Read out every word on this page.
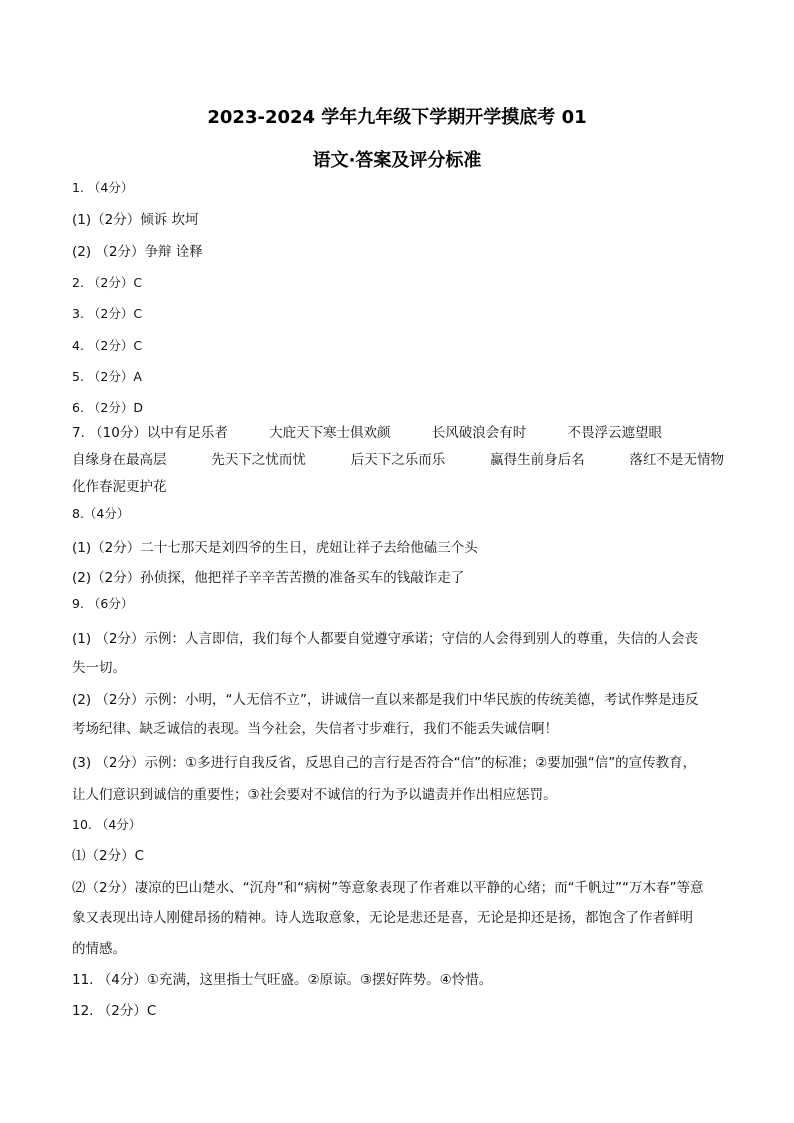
2023-2024 学年九年级下学期开学摸底考 01
语文·答案及评分标准
1. （4分）
(1)（2分）倾诉 坎坷
(2) （2分）争辩 诠释
2. （2分）C
3. （2分）C
4. （2分）C
5. （2分）A
6. （2分）D
7. （10分）以中有足乐者	大庇天下寒士俱欢颜	长风破浪会有时	不畏浮云遮望眼
自缘身在最高层	先天下之忧而忧	后天下之乐而乐	赢得生前身后名	落红不是无情物
化作春泥更护花
8.（4分）
(1)（2分）二十七那天是刘四爷的生日，虎妞让祥子去给他磕三个头
(2)（2分）孙侦探，他把祥子辛辛苦苦攒的准备买车的钱敲诈走了
9. （6分）
(1) （2分）示例：人言即信，我们每个人都要自觉遵守承诺；守信的人会得到别人的尊重，失信的人会丧
失一切。
(2) （2分）示例：小明，“人无信不立”，讲诚信一直以来都是我们中华民族的传统美德，考试作弊是违反
考场纪律、缺乏诚信的表现。当今社会，失信者寸步难行，我们不能丢失诚信啊！
(3) （2分）示例：①多进行自我反省，反思自己的言行是否符合“信”的标准；②要加强“信”的宣传教育，
让人们意识到诚信的重要性；③社会要对不诚信的行为予以谴责并作出相应惩罚。
10. （4分）
⑴（2分）C
⑵（2分）凄凉的巴山楚水、“沉舟”和“病树”等意象表现了作者难以平静的心绪；而“千帆过”“万木春”等意
象又表现出诗人刚健昂扬的精神。诗人选取意象，无论是悲还是喜，无论是抑还是扬，都饱含了作者鲜明
的情感。
11. （4分）①充满，这里指士气旺盛。②原谅。③摆好阵势。④怜惜。
12. （2分）C
